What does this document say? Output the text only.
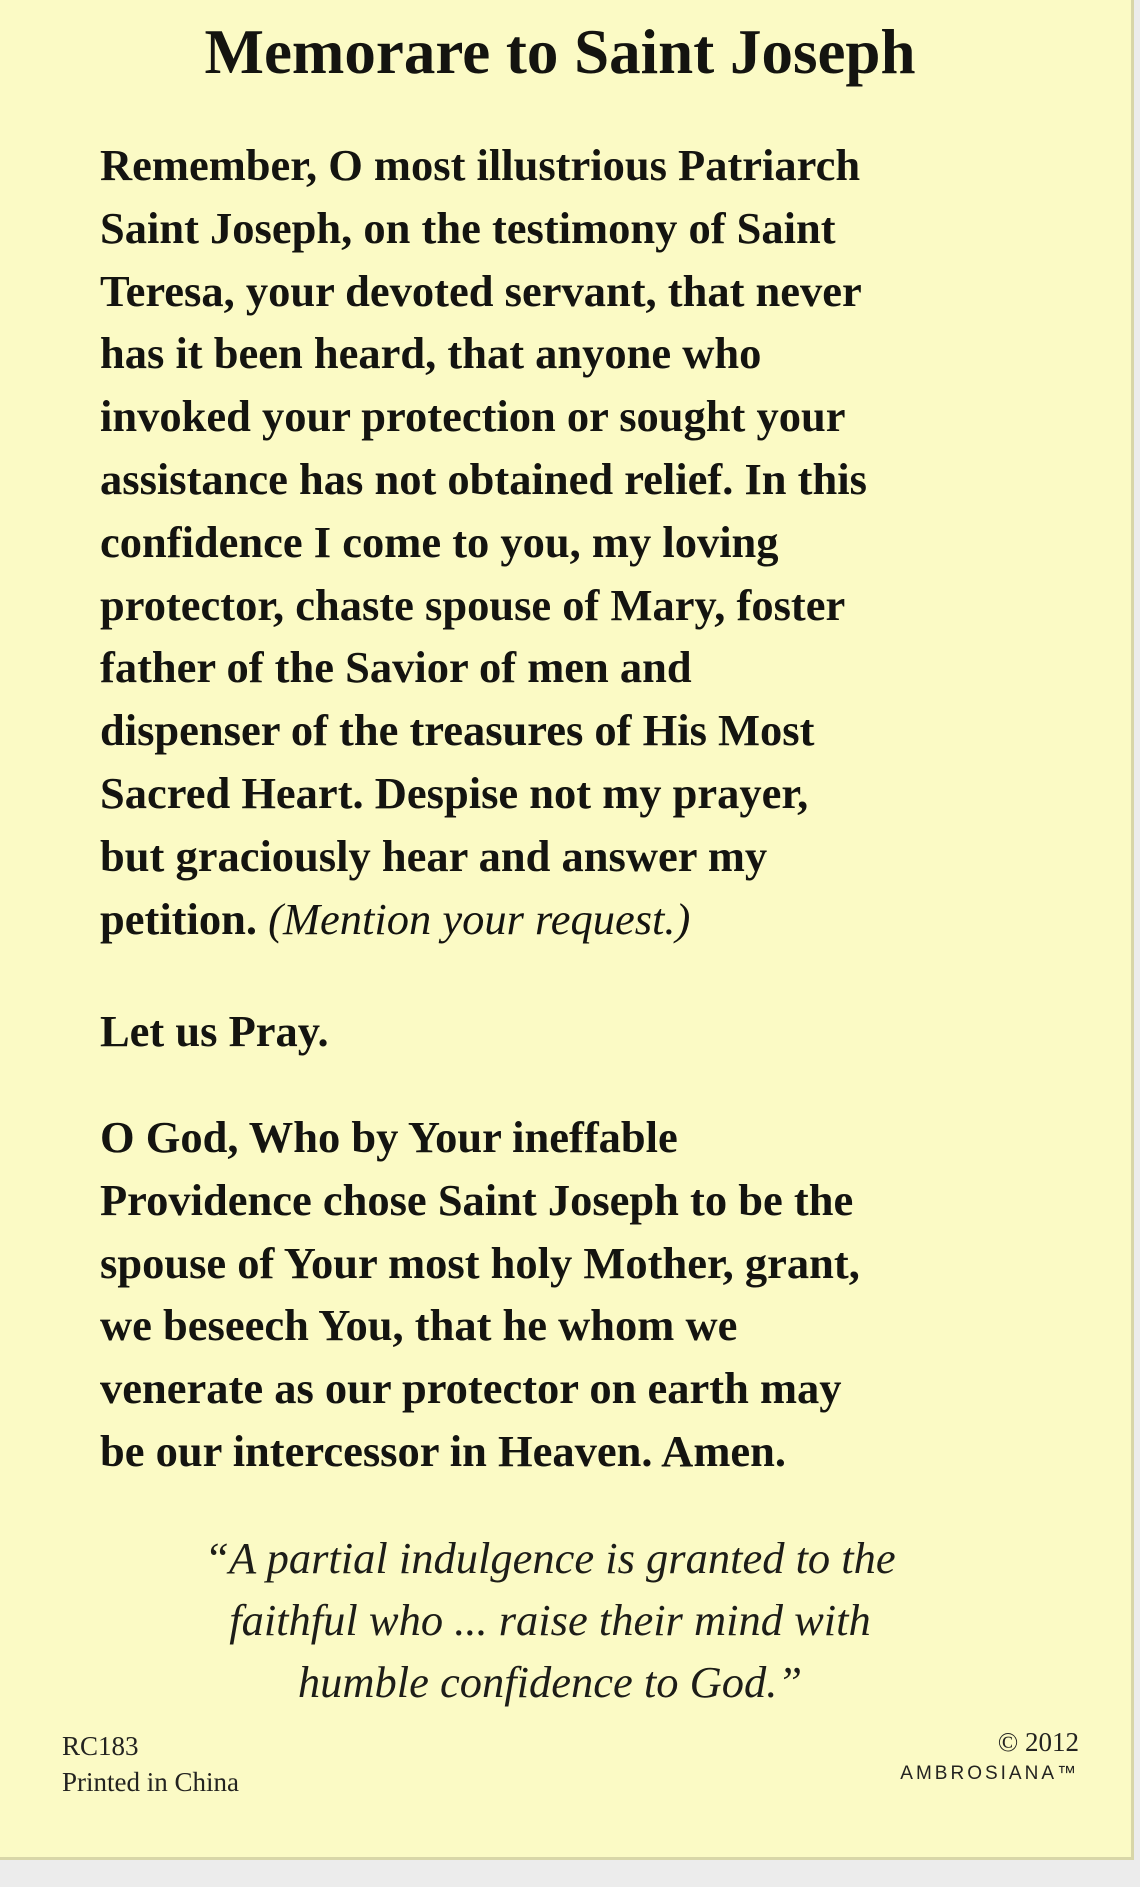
Memorare to Saint Joseph
Remember, O most illustrious Patriarch
Saint Joseph, on the testimony of Saint
Teresa, your devoted servant, that never
has it been heard, that anyone who
invoked your protection or sought your
assistance has not obtained relief. In this
confidence I come to you, my loving
protector, chaste spouse of Mary, foster
father of the Savior of men and
dispenser of the treasures of His Most
Sacred Heart. Despise not my prayer,
but graciously hear and answer my
petition. (Mention your request.)
Let us Pray.
O God, Who by Your ineffable
Providence chose Saint Joseph to be the
spouse of Your most holy Mother, grant,
we beseech You, that he whom we
venerate as our protector on earth may
be our intercessor in Heaven. Amen.
“A partial indulgence is granted to the
faithful who ... raise their mind with
humble confidence to God.”
RC183
Printed in China
© 2012
AMBROSIANA™
